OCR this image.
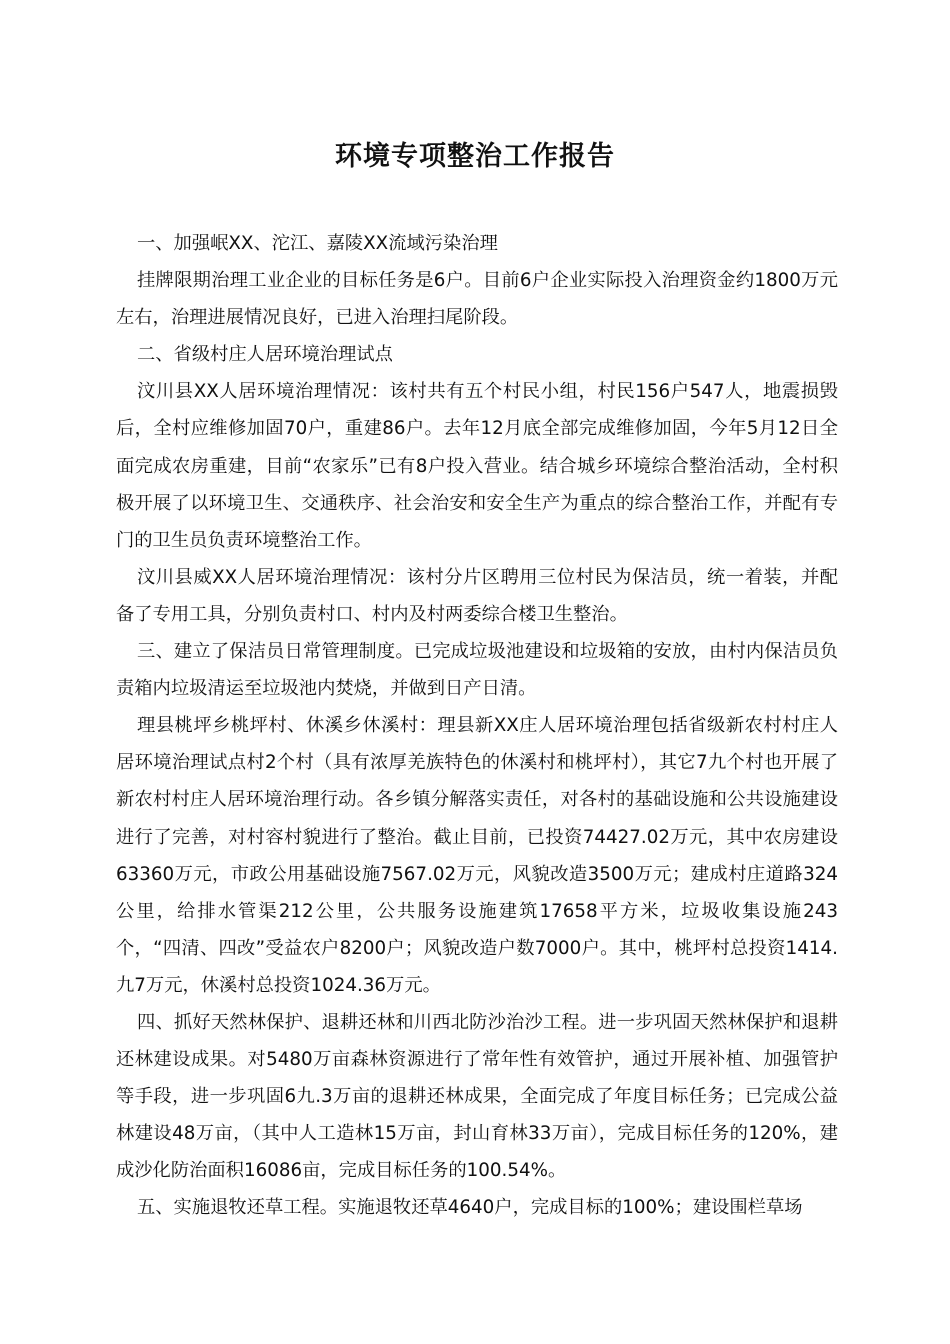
环境专项整治工作报告

一、加强岷XX、沱江、嘉陵XX流域污染治理

挂牌限期治理工业企业的目标任务是6户。目前6户企业实际投入治理资金约1800万元左右，治理进展情况良好，已进入治理扫尾阶段。

二、省级村庄人居环境治理试点

汶川县XX人居环境治理情况：该村共有五个村民小组，村民156户547人，地震损毁后，全村应维修加固70户，重建86户。去年12月底全部完成维修加固，今年5月12日全面完成农房重建，目前“农家乐”已有8户投入营业。结合城乡环境综合整治活动，全村积极开展了以环境卫生、交通秩序、社会治安和安全生产为重点的综合整治工作，并配有专门的卫生员负责环境整治工作。

汶川县威XX人居环境治理情况：该村分片区聘用三位村民为保洁员，统一着装，并配备了专用工具，分别负责村口、村内及村两委综合楼卫生整治。

三、建立了保洁员日常管理制度。已完成垃圾池建设和垃圾箱的安放，由村内保洁员负责箱内垃圾清运至垃圾池内焚烧，并做到日产日清。

理县桃坪乡桃坪村、休溪乡休溪村：理县新XX庄人居环境治理包括省级新农村村庄人居环境治理试点村2个村（具有浓厚羌族特色的休溪村和桃坪村），其它7九个村也开展了新农村村庄人居环境治理行动。各乡镇分解落实责任，对各村的基础设施和公共设施建设进行了完善，对村容村貌进行了整治。截止目前，已投资74427.02万元，其中农房建设63360万元，市政公用基础设施7567.02万元，风貌改造3500万元；建成村庄道路324公里，给排水管渠212公里，公共服务设施建筑17658平方米，垃圾收集设施243个，“四清、四改”受益农户8200户；风貌改造户数7000户。其中，桃坪村总投资1414.九7万元，休溪村总投资1024.36万元。

四、抓好天然林保护、退耕还林和川西北防沙治沙工程。进一步巩固天然林保护和退耕还林建设成果。对5480万亩森林资源进行了常年性有效管护，通过开展补植、加强管护等手段，进一步巩固6九.3万亩的退耕还林成果，全面完成了年度目标任务；已完成公益林建设48万亩，（其中人工造林15万亩，封山育林33万亩），完成目标任务的120%，建成沙化防治面积16086亩，完成目标任务的100.54%。

五、实施退牧还草工程。实施退牧还草4640户，完成目标的100%；建设围栏草场
